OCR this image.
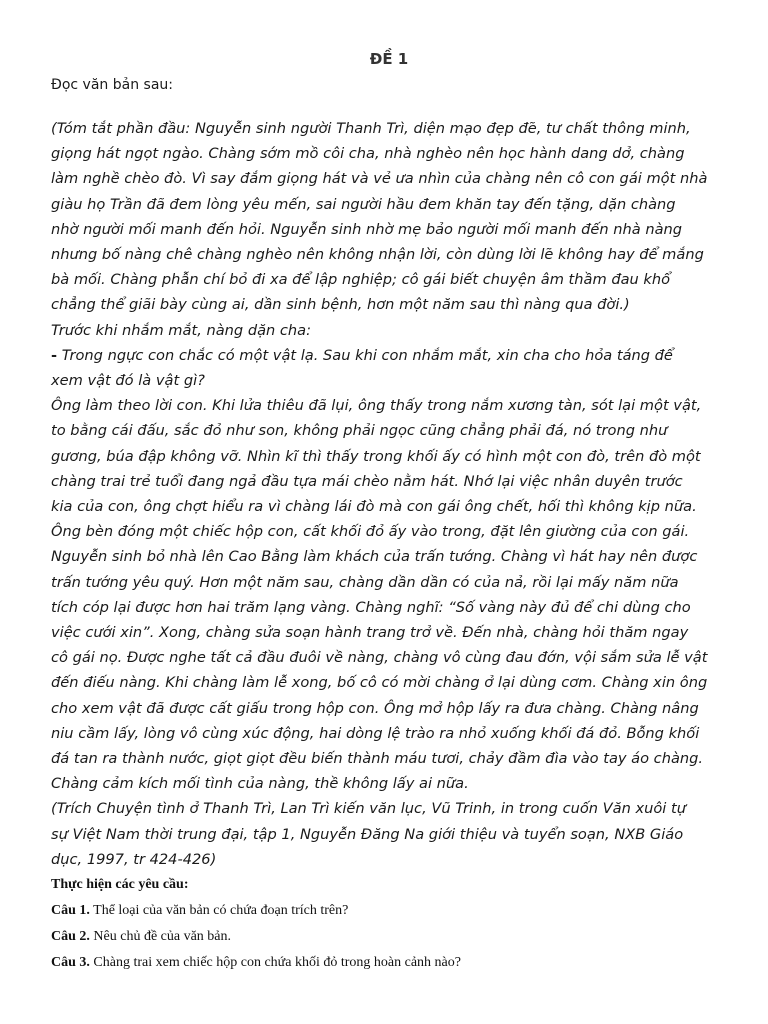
ĐỀ 1
Đọc văn bản sau:

(Tóm tắt phần đầu: Nguyễn sinh người Thanh Trì, diện mạo đẹp đẽ, tư chất thông minh,

giọng hát ngọt ngào. Chàng sớm mồ côi cha, nhà nghèo nên học hành dang dở, chàng

làm nghề chèo đò. Vì say đắm giọng hát và vẻ ưa nhìn của chàng nên cô con gái một nhà

giàu họ Trần đã đem lòng yêu mến, sai người hầu đem khăn tay đến tặng, dặn chàng

nhờ người mối manh đến hỏi. Nguyễn sinh nhờ mẹ bảo người mối manh đến nhà nàng

nhưng bố nàng chê chàng nghèo nên không nhận lời, còn dùng lời lẽ không hay để mắng

bà mối. Chàng phẫn chí bỏ đi xa để lập nghiệp; cô gái biết chuyện âm thầm đau khổ

chẳng thể giãi bày cùng ai, dần sinh bệnh, hơn một năm sau thì nàng qua đời.)

Trước khi nhắm mắt, nàng dặn cha:

- Trong ngực con chắc có một vật lạ. Sau khi con nhắm mắt, xin cha cho hỏa táng để

xem vật đó là vật gì?

Ông làm theo lời con. Khi lửa thiêu đã lụi, ông thấy trong nắm xương tàn, sót lại một vật,

to bằng cái đấu, sắc đỏ như son, không phải ngọc cũng chẳng phải đá, nó trong như

gương, búa đập không vỡ. Nhìn kĩ thì thấy trong khối ấy có hình một con đò, trên đò một

chàng trai trẻ tuổi đang ngả đầu tựa mái chèo nằm hát. Nhớ lại việc nhân duyên trước

kia của con, ông chợt hiểu ra vì chàng lái đò mà con gái ông chết, hối thì không kịp nữa.

Ông bèn đóng một chiếc hộp con, cất khối đỏ ấy vào trong, đặt lên giường của con gái.

Nguyễn sinh bỏ nhà lên Cao Bằng làm khách của trấn tướng. Chàng vì hát hay nên được

trấn tướng yêu quý. Hơn một năm sau, chàng dần dần có của nả, rồi lại mấy năm nữa

tích cóp lại được hơn hai trăm lạng vàng. Chàng nghĩ: “Số vàng này đủ để chi dùng cho

việc cưới xin”. Xong, chàng sửa soạn hành trang trở về. Đến nhà, chàng hỏi thăm ngay

cô gái nọ. Được nghe tất cả đầu đuôi về nàng, chàng vô cùng đau đớn, vội sắm sửa lễ vật

đến điếu nàng. Khi chàng làm lễ xong, bố cô có mời chàng ở lại dùng cơm. Chàng xin ông

cho xem vật đã được cất giấu trong hộp con. Ông mở hộp lấy ra đưa chàng. Chàng nâng

niu cầm lấy, lòng vô cùng xúc động, hai dòng lệ trào ra nhỏ xuống khối đá đỏ. Bỗng khối

đá tan ra thành nước, giọt giọt đều biến thành máu tươi, chảy đầm đìa vào tay áo chàng.

Chàng cảm kích mối tình của nàng, thề không lấy ai nữa.

(Trích Chuyện tình ở Thanh Trì, Lan Trì kiến văn lục, Vũ Trinh, in trong cuốn Văn xuôi tự

sự Việt Nam thời trung đại, tập 1, Nguyễn Đăng Na giới thiệu và tuyển soạn, NXB Giáo

dục, 1997, tr 424-426)

Thực hiện các yêu cầu:

Câu 1. Thể loại của văn bản có chứa đoạn trích trên?

Câu 2. Nêu chủ đề của văn bản.

Câu 3. Chàng trai xem chiếc hộp con chứa khối đỏ trong hoàn cảnh nào?
